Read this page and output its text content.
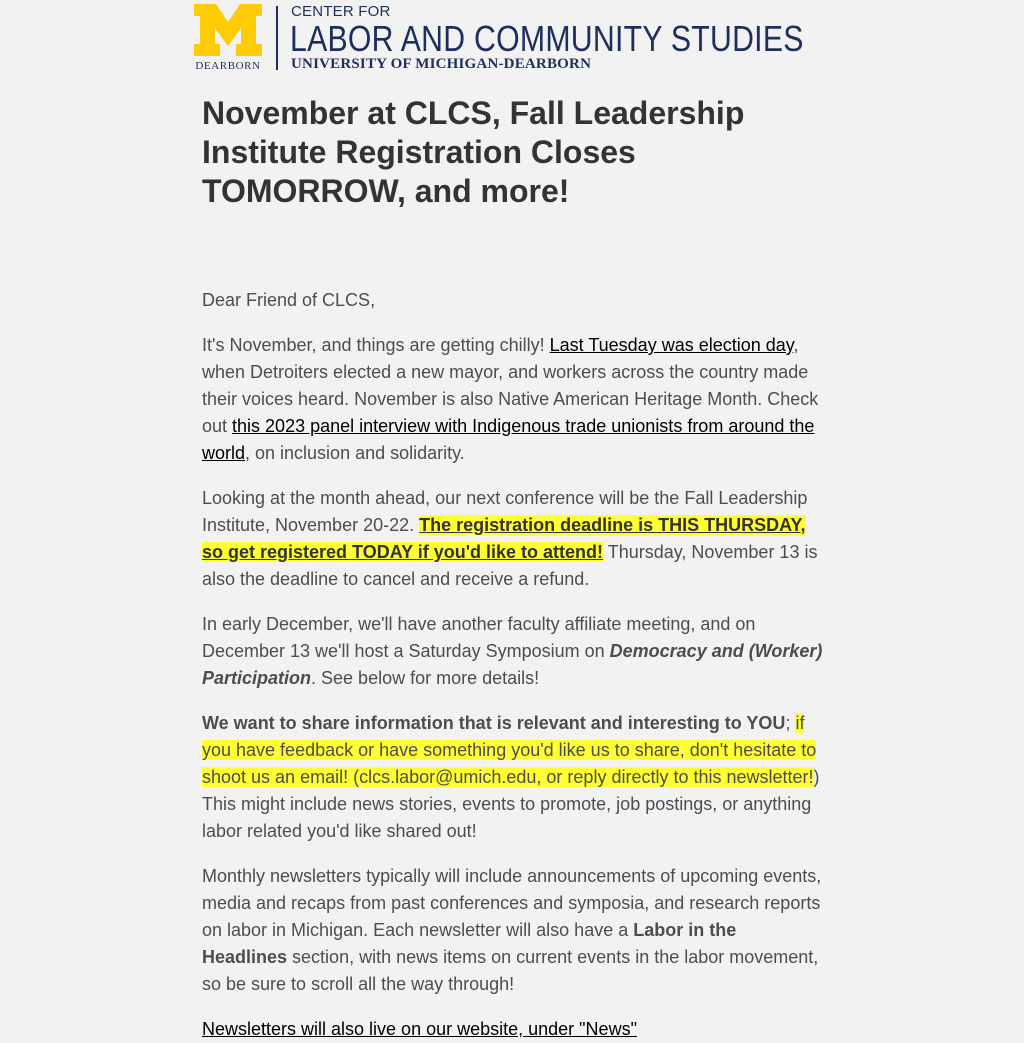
DEARBORN
CENTER FOR
LABOR AND COMMUNITY STUDIES
UNIVERSITY OF MICHIGAN-DEARBORN
November at CLCS, Fall Leadership Institute Registration Closes TOMORROW, and more!

Dear Friend of CLCS,

It's November, and things are getting chilly! Last Tuesday was election day, when Detroiters elected a new mayor, and workers across the country made their voices heard. November is also Native American Heritage Month. Check out this 2023 panel interview with Indigenous trade unionists from around the world, on inclusion and solidarity.

Looking at the month ahead, our next conference will be the Fall Leadership Institute, November 20-22. The registration deadline is THIS THURSDAY, so get registered TODAY if you'd like to attend! Thursday, November 13 is also the deadline to cancel and receive a refund.

In early December, we'll have another faculty affiliate meeting, and on December 13 we'll host a Saturday Symposium on Democracy and (Worker) Participation. See below for more details!

We want to share information that is relevant and interesting to YOU; if you have feedback or have something you'd like us to share, don't hesitate to shoot us an email! (clcs.labor@umich.edu, or reply directly to this newsletter!) This might include news stories, events to promote, job postings, or anything labor related you'd like shared out!

Monthly newsletters typically will include announcements of upcoming events, media and recaps from past conferences and symposia, and research reports on labor in Michigan. Each newsletter will also have a Labor in the Headlines section, with news items on current events in the labor movement, so be sure to scroll all the way through!

Newsletters will also live on our website, under "News"
